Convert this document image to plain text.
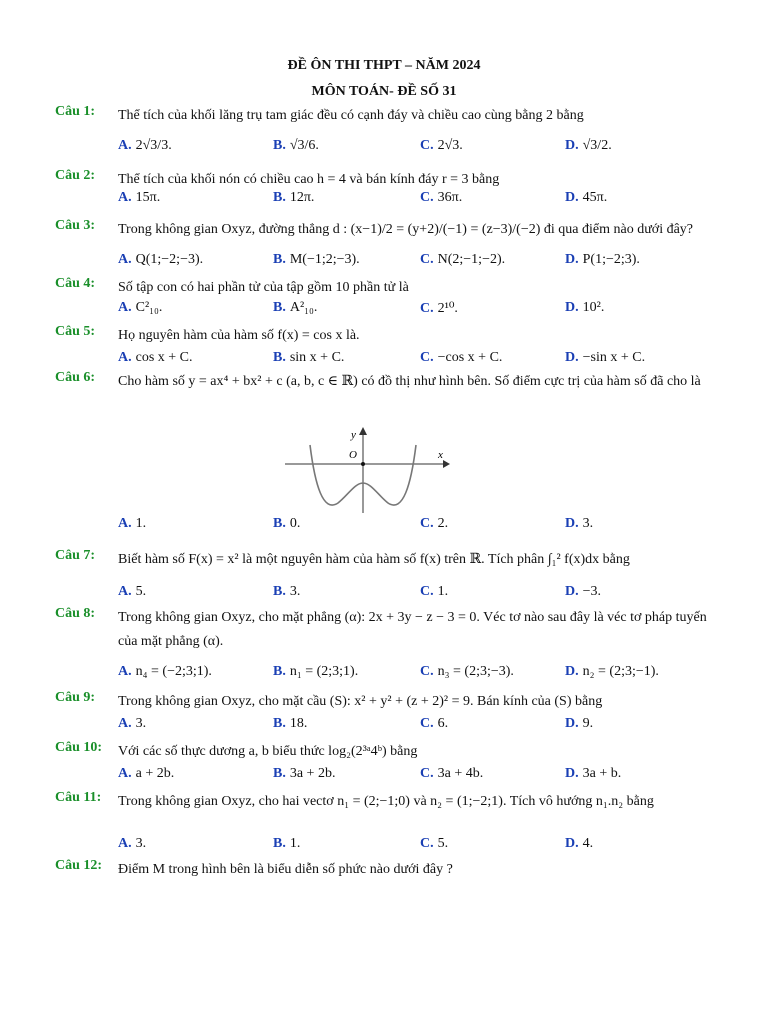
ĐỀ ÔN THI THPT – NĂM 2024
MÔN TOÁN- ĐỀ SỐ 31
Câu 1: Thể tích của khối lăng trụ tam giác đều có cạnh đáy và chiều cao cùng bằng 2 bằng
A. 2√3/3.	B. √3/6.	C. 2√3.	D. √3/2.
Câu 2: Thể tích của khối nón có chiều cao h = 4 và bán kính đáy r = 3 bằng
A. 15π.	B. 12π.	C. 36π.	D. 45π.
Câu 3: Trong không gian Oxyz, đường thẳng d : (x−1)/2 = (y+2)/(−1) = (z−3)/(−2) đi qua điểm nào dưới đây?
A. Q(1;−2;−3).	B. M(−1;2;−3).	C. N(2;−1;−2).	D. P(1;−2;3).
Câu 4: Số tập con có hai phần tử của tập gồm 10 phần tử là
A. C²₁₀.	B. A²₁₀.	C. 2¹⁰.	D. 10².
Câu 5: Họ nguyên hàm của hàm số f(x) = cos x là.
A. cos x + C.	B. sin x + C.	C. −cos x + C.	D. −sin x + C.
Câu 6: Cho hàm số y = ax⁴ + bx² + c (a, b, c ∈ ℝ) có đồ thị như hình bên. Số điểm cực trị của hàm số đã cho là
A. 1.	B. 0.	C. 2.	D. 3.
x
y
O
Câu 7: Biết hàm số F(x) = x² là một nguyên hàm của hàm số f(x) trên ℝ. Tích phân ∫₁² f(x)dx bằng
A. 5.	B. 3.	C. 1.	D. −3.
Câu 8: Trong không gian Oxyz, cho mặt phẳng (α): 2x + 3y − z − 3 = 0. Véc tơ nào sau đây là véc tơ pháp tuyến của mặt phẳng (α).
A. n₄ = (−2;3;1).	B. n₁ = (2;3;1).	C. n₃ = (2;3;−3).	D. n₂ = (2;3;−1).
Câu 9: Trong không gian Oxyz, cho mặt cầu (S): x² + y² + (z + 2)² = 9. Bán kính của (S) bằng
A. 3.	B. 18.	C. 6.	D. 9.
Câu 10: Với các số thực dương a, b biểu thức log₂(2³ᵃ4ᵇ) bằng
A. a + 2b.	B. 3a + 2b.	C. 3a + 4b.	D. 3a + b.
Câu 11: Trong không gian Oxyz, cho hai vectơ n₁ = (2;−1;0) và n₂ = (1;−2;1). Tích vô hướng n₁.n₂ bằng
A. 3.	B. 1.	C. 5.	D. 4.
Câu 12: Điểm M trong hình bên là biểu diễn số phức nào dưới đây ?
